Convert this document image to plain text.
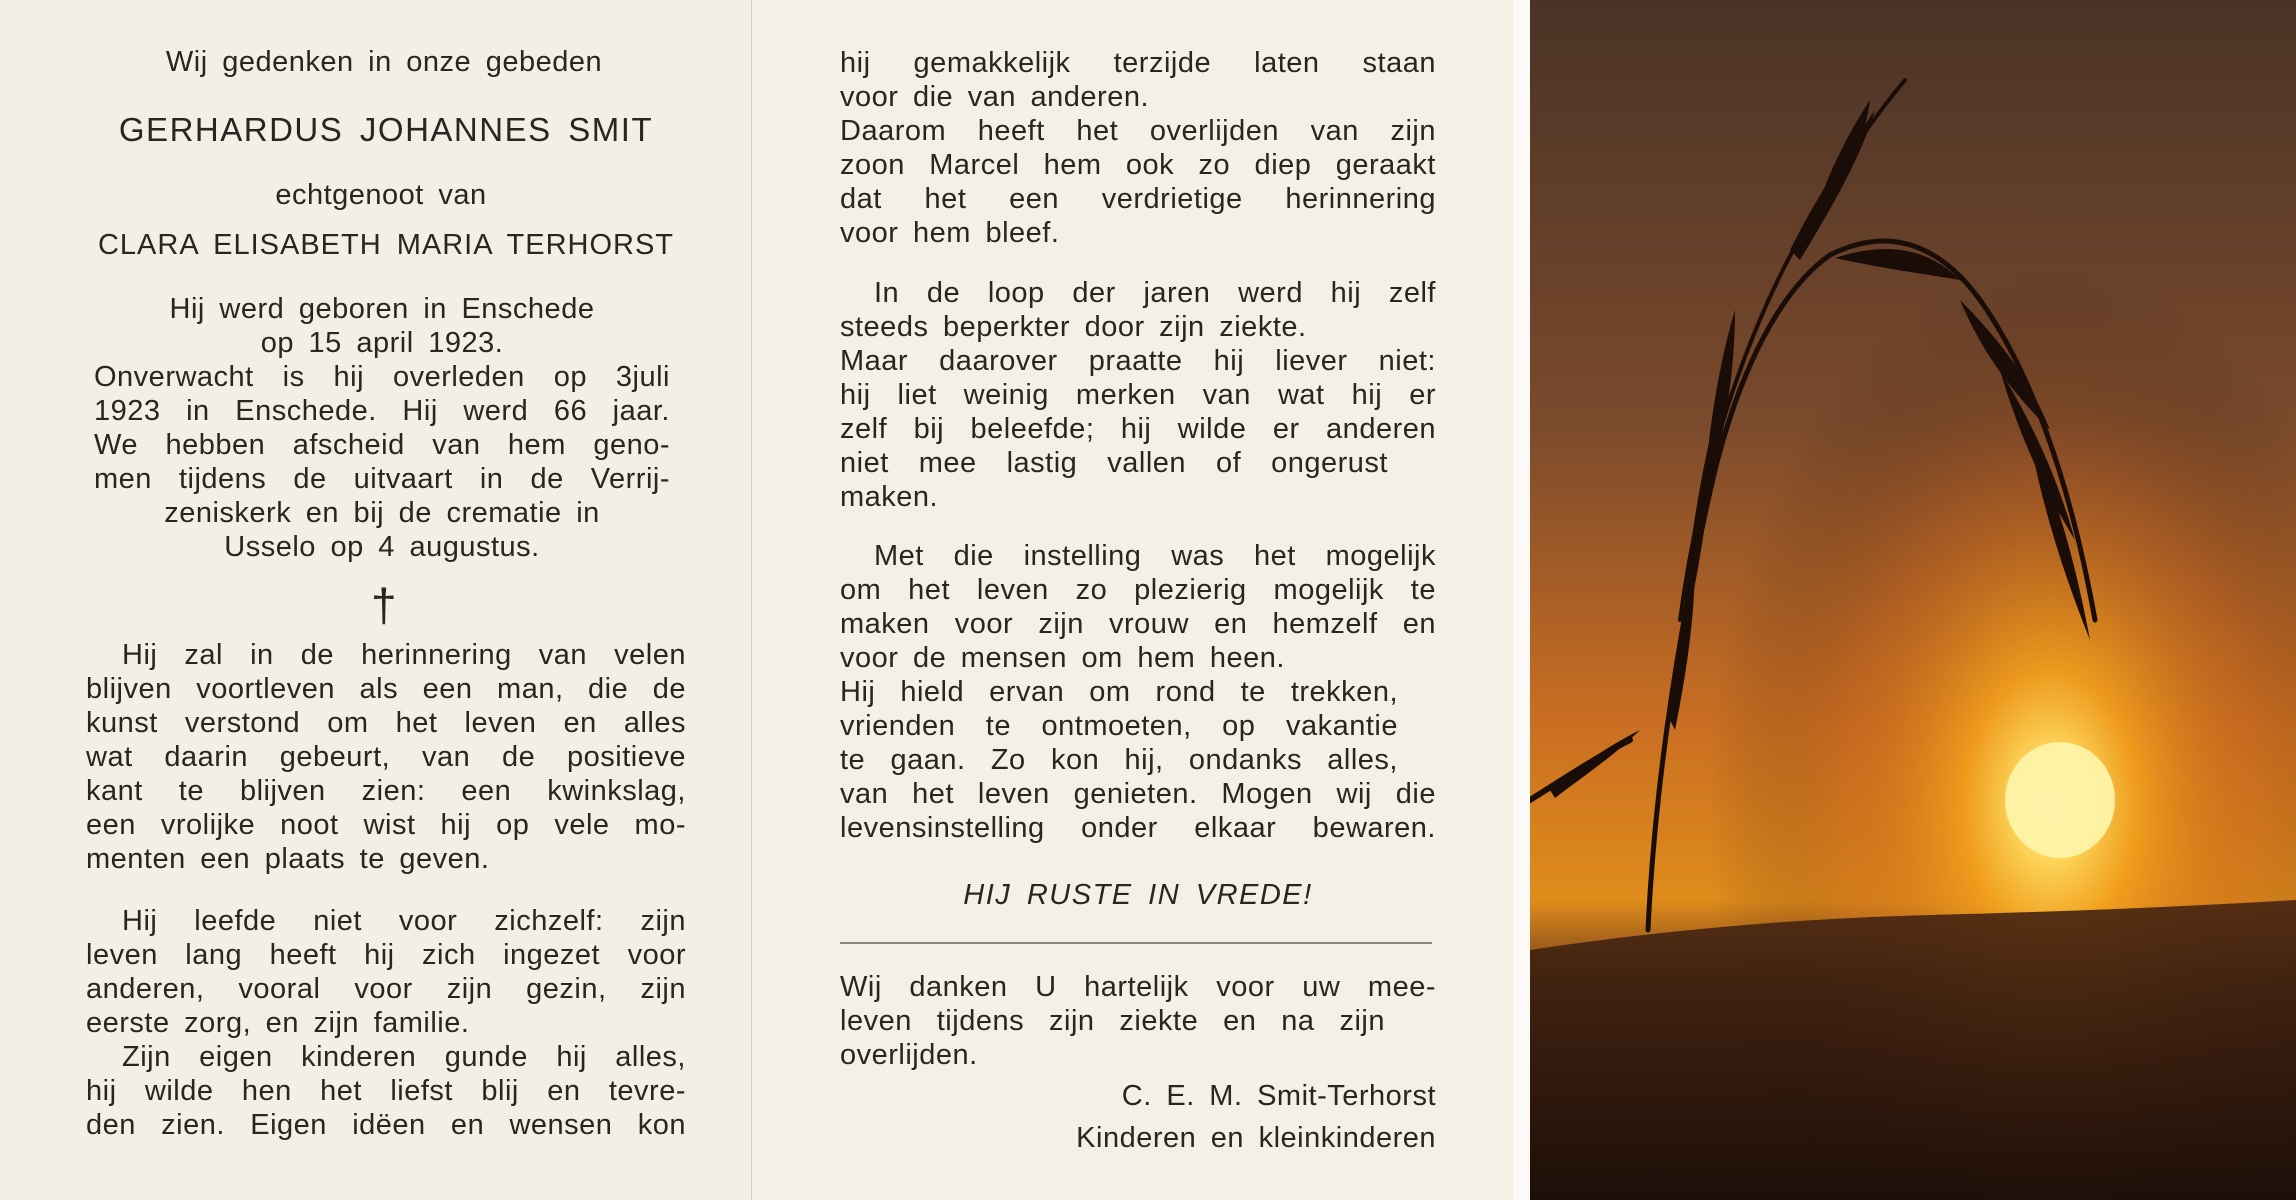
Wij gedenken in onze gebeden
GERHARDUS JOHANNES SMIT
echtgenoot van
CLARA ELISABETH MARIA TERHORST
Hij werd geboren in Enschede
op 15 april 1923.
Onverwacht is hij overleden op 3juli
1923 in Enschede. Hij werd 66 jaar.
We hebben afscheid van hem geno-
men tijdens de uitvaart in de Verrij-
zeniskerk en bij de crematie in
Usselo op 4 augustus.
†
Hij zal in de herinnering van velen
blijven voortleven als een man, die de
kunst verstond om het leven en alles
wat daarin gebeurt, van de positieve
kant te blijven zien: een kwinkslag,
een vrolijke noot wist hij op vele mo-
menten een plaats te geven.
Hij leefde niet voor zichzelf: zijn
leven lang heeft hij zich ingezet voor
anderen, vooral voor zijn gezin, zijn
eerste zorg, en zijn familie.
Zijn eigen kinderen gunde hij alles,
hij wilde hen het liefst blij en tevre-
den zien. Eigen idëen en wensen kon
hij gemakkelijk terzijde laten staan
voor die van anderen.
Daarom heeft het overlijden van zijn
zoon Marcel hem ook zo diep geraakt
dat het een verdrietige herinnering
voor hem bleef.
In de loop der jaren werd hij zelf
steeds beperkter door zijn ziekte.
Maar daarover praatte hij liever niet:
hij liet weinig merken van wat hij er
zelf bij beleefde; hij wilde er anderen
niet mee lastig vallen of ongerust
maken.
Met die instelling was het mogelijk
om het leven zo plezierig mogelijk te
maken voor zijn vrouw en hemzelf en
voor de mensen om hem heen.
Hij hield ervan om rond te trekken,
vrienden te ontmoeten, op vakantie
te gaan. Zo kon hij, ondanks alles,
van het leven genieten. Mogen wij die
levensinstelling onder elkaar bewaren.
HIJ RUSTE IN VREDE!
Wij danken U hartelijk voor uw mee-
leven tijdens zijn ziekte en na zijn
overlijden.
C. E. M. Smit-Terhorst
Kinderen en kleinkinderen
